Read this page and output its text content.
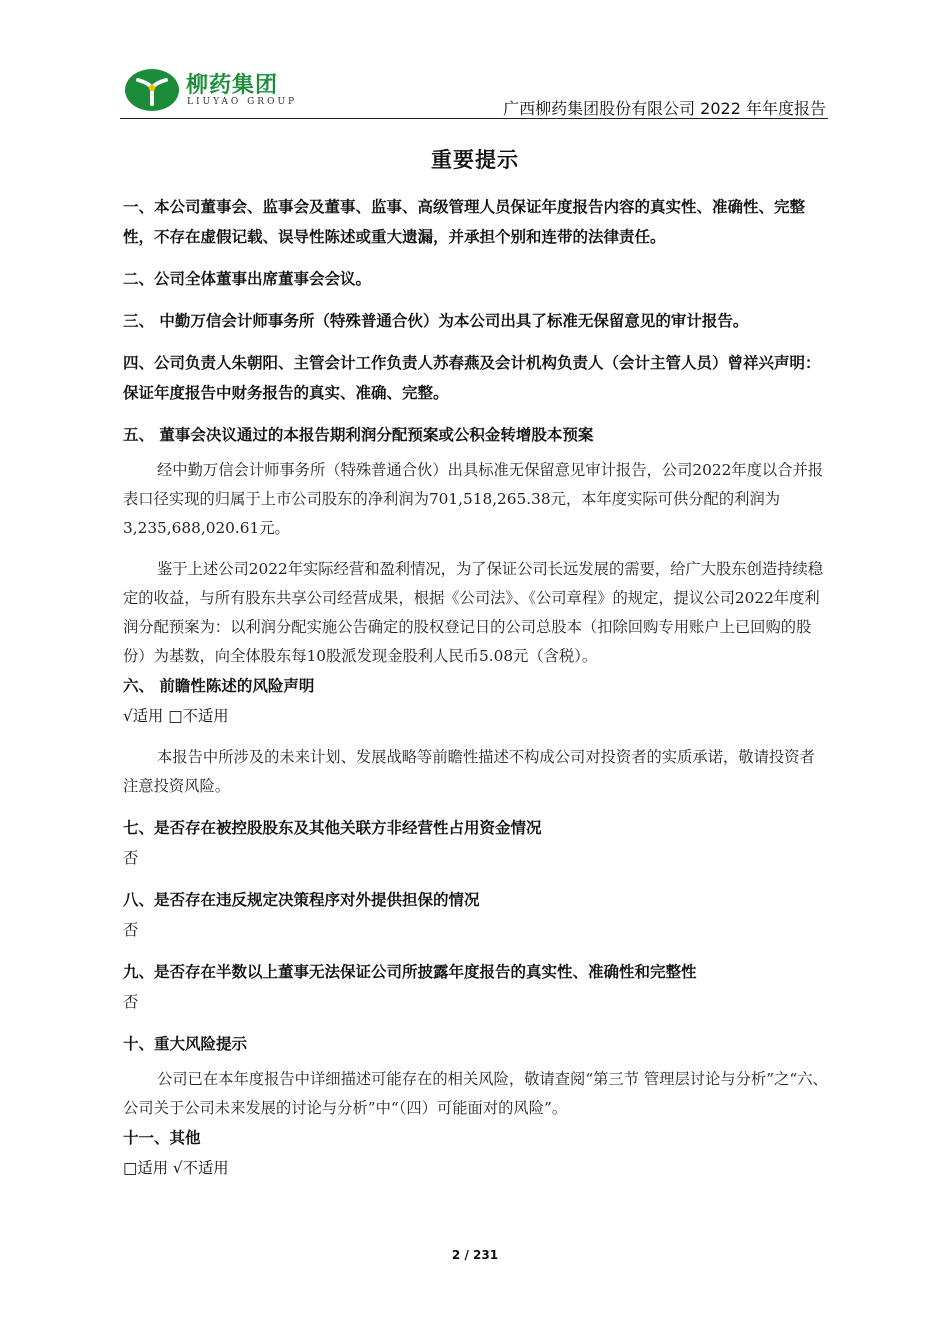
柳药集团
LIUYAO GROUP	广西柳药集团股份有限公司 2022 年年度报告
重要提示
一、本公司董事会、监事会及董事、监事、高级管理人员保证年度报告内容的真实性、准确性、完整性，不存在虚假记载、误导性陈述或重大遗漏，并承担个别和连带的法律责任。
二、公司全体董事出席董事会会议。
三、 中勤万信会计师事务所（特殊普通合伙）为本公司出具了标准无保留意见的审计报告。
四、公司负责人朱朝阳、主管会计工作负责人苏春燕及会计机构负责人（会计主管人员）曾祥兴声明：保证年度报告中财务报告的真实、准确、完整。
五、 董事会决议通过的本报告期利润分配预案或公积金转增股本预案
经中勤万信会计师事务所（特殊普通合伙）出具标准无保留意见审计报告，公司2022年度以合并报表口径实现的归属于上市公司股东的净利润为701,518,265.38元，本年度实际可供分配的利润为3,235,688,020.61元。
鉴于上述公司2022年实际经营和盈利情况，为了保证公司长远发展的需要，给广大股东创造持续稳定的收益，与所有股东共享公司经营成果，根据《公司法》、《公司章程》的规定，提议公司2022年度利润分配预案为：以利润分配实施公告确定的股权登记日的公司总股本（扣除回购专用账户上已回购的股份）为基数，向全体股东每10股派发现金股利人民币5.08元（含税）。
六、 前瞻性陈述的风险声明
√适用 □不适用
本报告中所涉及的未来计划、发展战略等前瞻性描述不构成公司对投资者的实质承诺，敬请投资者注意投资风险。
七、是否存在被控股股东及其他关联方非经营性占用资金情况
否
八、是否存在违反规定决策程序对外提供担保的情况
否
九、是否存在半数以上董事无法保证公司所披露年度报告的真实性、准确性和完整性
否
十、重大风险提示
公司已在本年度报告中详细描述可能存在的相关风险，敬请查阅“第三节 管理层讨论与分析”之“六、公司关于公司未来发展的讨论与分析”中“（四）可能面对的风险”。
十一、其他
□适用 √不适用
2 / 231
